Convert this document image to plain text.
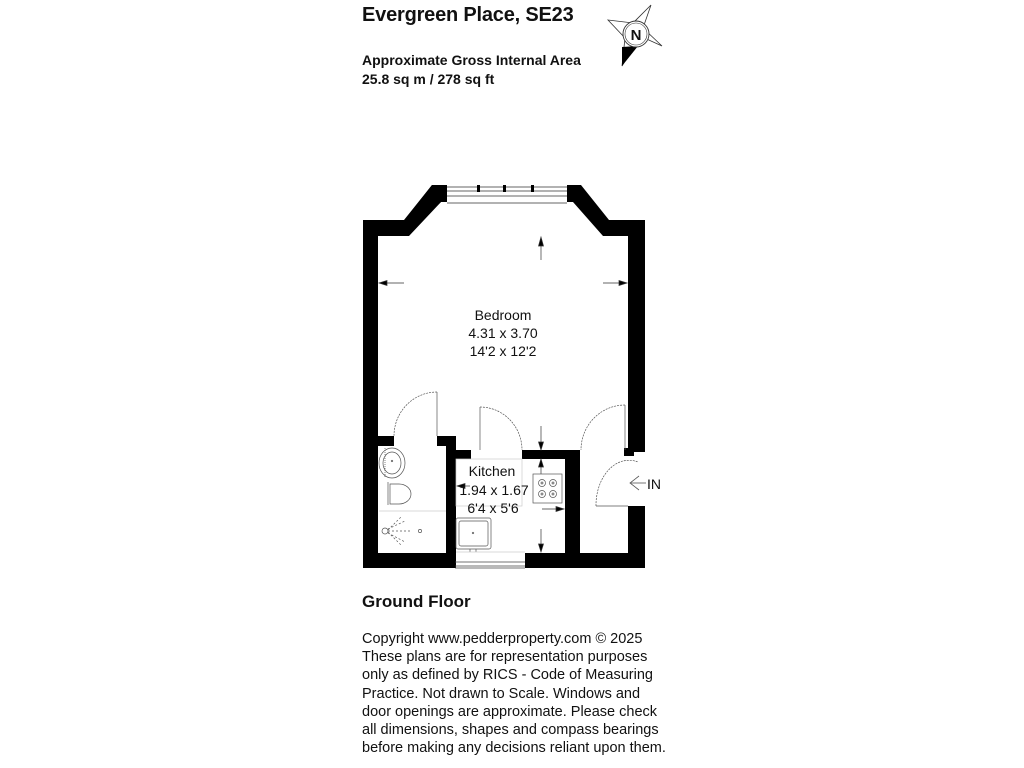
Evergreen Place, SE23
Approximate Gross Internal Area
25.8 sq m / 278 sq ft
N
IN
Bedroom
4.31 x 3.70
14'2 x 12'2
Kitchen
1.94 x 1.67
6'4 x 5'6
Ground Floor
Copyright www.pedderproperty.com © 2025
These plans are for representation purposes
only as defined by RICS - Code of Measuring
Practice. Not drawn to Scale. Windows and
door openings are approximate. Please check
all dimensions, shapes and compass bearings
before making any decisions reliant upon them.
